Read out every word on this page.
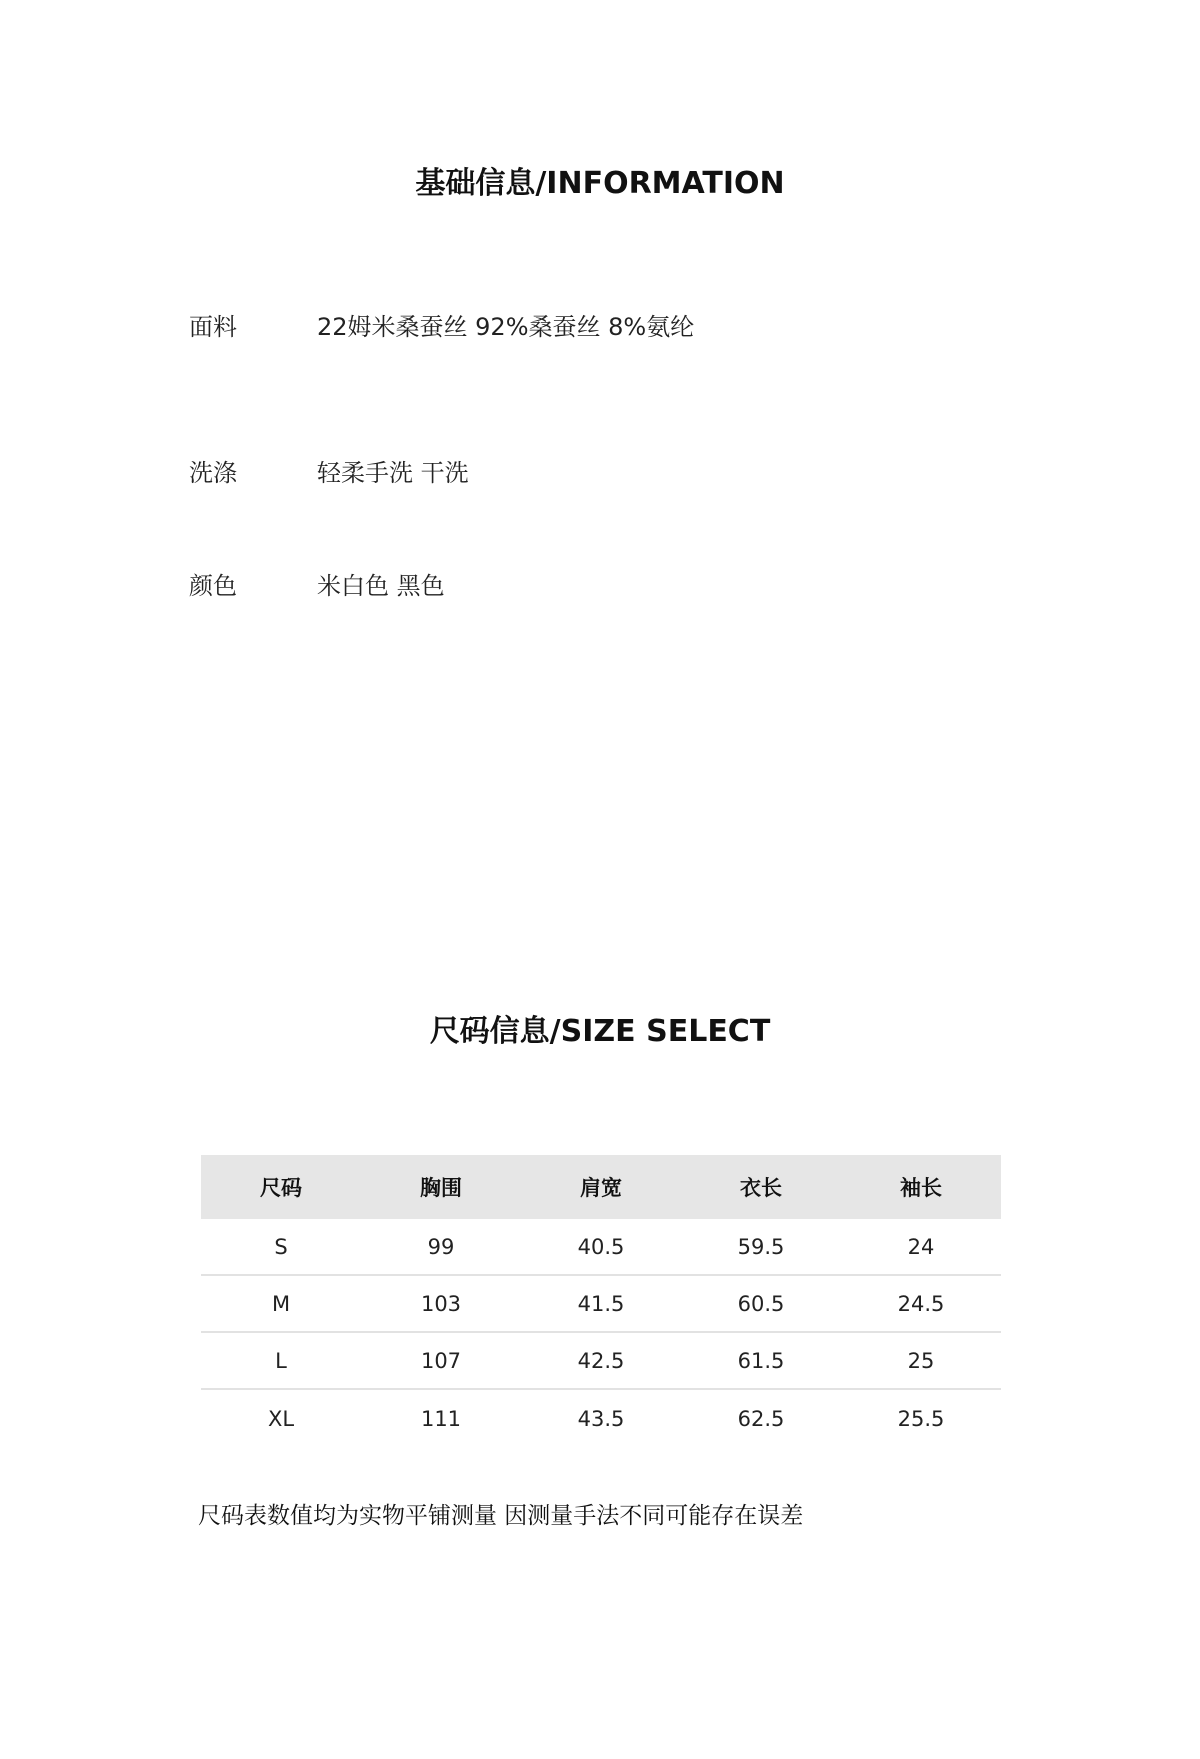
基础信息/INFORMATION
面料	22姆米桑蚕丝 92%桑蚕丝 8%氨纶
洗涤	轻柔手洗 干洗
颜色	米白色 黑色
尺码信息/SIZE SELECT
尺码	胸围	肩宽	衣长	袖长
S	99	40.5	59.5	24
M	103	41.5	60.5	24.5
L	107	42.5	61.5	25
XL	111	43.5	62.5	25.5
尺码表数值均为实物平铺测量 因测量手法不同可能存在误差
